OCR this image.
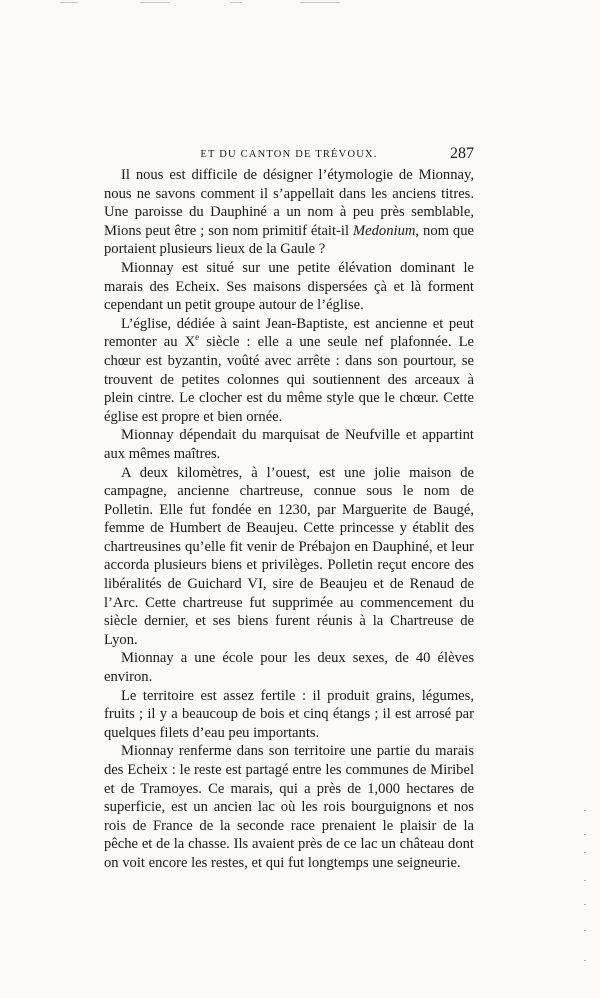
ET DU CANTON DE TRÉVOUX.	287

Il nous est difficile de désigner l’étymologie de Mionnay, nous ne savons comment il s’appellait dans les anciens titres. Une paroisse du Dauphiné a un nom à peu près semblable, Mions peut être ; son nom primitif était-il Medonium, nom que portaient plusieurs lieux de la Gaule ?

Mionnay est situé sur une petite élévation dominant le marais des Echeix. Ses maisons dispersées çà et là forment cependant un petit groupe autour de l’église.

L’église, dédiée à saint Jean-Baptiste, est ancienne et peut remonter au Xe siècle : elle a une seule nef plafonnée. Le chœur est byzantin, voûté avec arrête : dans son pourtour, se trouvent de petites colonnes qui soutiennent des arceaux à plein cintre. Le clocher est du même style que le chœur. Cette église est propre et bien ornée.

Mionnay dépendait du marquisat de Neufville et appartint aux mêmes maîtres.

A deux kilomètres, à l’ouest, est une jolie maison de campagne, ancienne chartreuse, connue sous le nom de Polletin. Elle fut fondée en 1230, par Marguerite de Baugé, femme de Humbert de Beaujeu. Cette princesse y établit des chartreusines qu’elle fit venir de Prébajon en Dauphiné, et leur accorda plusieurs biens et privilèges. Polletin reçut encore des libéralités de Guichard VI, sire de Beaujeu et de Renaud de l’Arc. Cette chartreuse fut supprimée au commencement du siècle dernier, et ses biens furent réunis à la Chartreuse de Lyon.

Mionnay a une école pour les deux sexes, de 40 élèves environ.

Le territoire est assez fertile : il produit grains, légumes, fruits ; il y a beaucoup de bois et cinq étangs ; il est arrosé par quelques filets d’eau peu importants.

Mionnay renferme dans son territoire une partie du marais des Echeix : le reste est partagé entre les communes de Miribel et de Tramoyes. Ce marais, qui a près de 1,000 hectares de superficie, est un ancien lac où les rois bourguignons et nos rois de France de la seconde race prenaient le plaisir de la pêche et de la chasse. Ils avaient près de ce lac un château dont on voit encore les restes, et qui fut longtemps une seigneurie.
